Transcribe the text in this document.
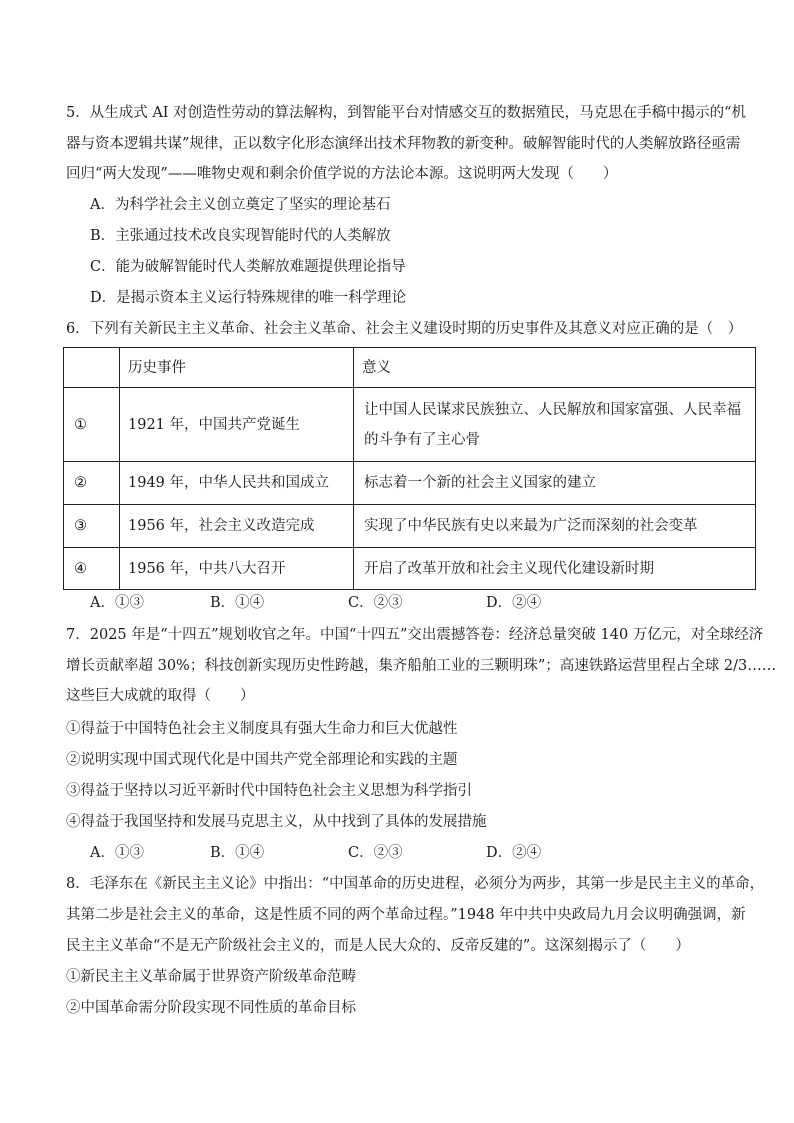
5．从生成式 AI 对创造性劳动的算法解构，到智能平台对情感交互的数据殖民，马克思在手稿中揭示的“机
器与资本逻辑共谋”规律，正以数字化形态演绎出技术拜物教的新变种。破解智能时代的人类解放路径亟需
回归“两大发现”——唯物史观和剩余价值学说的方法论本源。这说明两大发现（　　）
A．为科学社会主义创立奠定了坚实的理论基石
B．主张通过技术改良实现智能时代的人类解放
C．能为破解智能时代人类解放难题提供理论指导
D．是揭示资本主义运行特殊规律的唯一科学理论
6．下列有关新民主主义革命、社会主义革命、社会主义建设时期的历史事件及其意义对应正确的是（　）
	历史事件	意义
①	1921 年，中国共产党诞生	让中国人民谋求民族独立、人民解放和国家富强、人民幸福的斗争有了主心骨
②	1949 年，中华人民共和国成立	标志着一个新的社会主义国家的建立
③	1956 年，社会主义改造完成	实现了中华民族有史以来最为广泛而深刻的社会变革
④	1956 年，中共八大召开	开启了改革开放和社会主义现代化建设新时期
A．①③	B．①④	C．②③	D．②④
7．2025 年是“十四五”规划收官之年。中国“十四五”交出震撼答卷：经济总量突破 140 万亿元，对全球经济
增长贡献率超 30%；科技创新实现历史性跨越，集齐船舶工业的三颗明珠”；高速铁路运营里程占全球 2/3……
这些巨大成就的取得（　　）
①得益于中国特色社会主义制度具有强大生命力和巨大优越性
②说明实现中国式现代化是中国共产党全部理论和实践的主题
③得益于坚持以习近平新时代中国特色社会主义思想为科学指引
④得益于我国坚持和发展马克思主义，从中找到了具体的发展措施
A．①③	B．①④	C．②③	D．②④
8．毛泽东在《新民主主义论》中指出：“中国革命的历史进程，必须分为两步，其第一步是民主主义的革命，
其第二步是社会主义的革命，这是性质不同的两个革命过程。”1948 年中共中央政局九月会议明确强调，新
民主主义革命“不是无产阶级社会主义的，而是人民大众的、反帝反建的”。这深刻揭示了（　　）
①新民主主义革命属于世界资产阶级革命范畴
②中国革命需分阶段实现不同性质的革命目标
